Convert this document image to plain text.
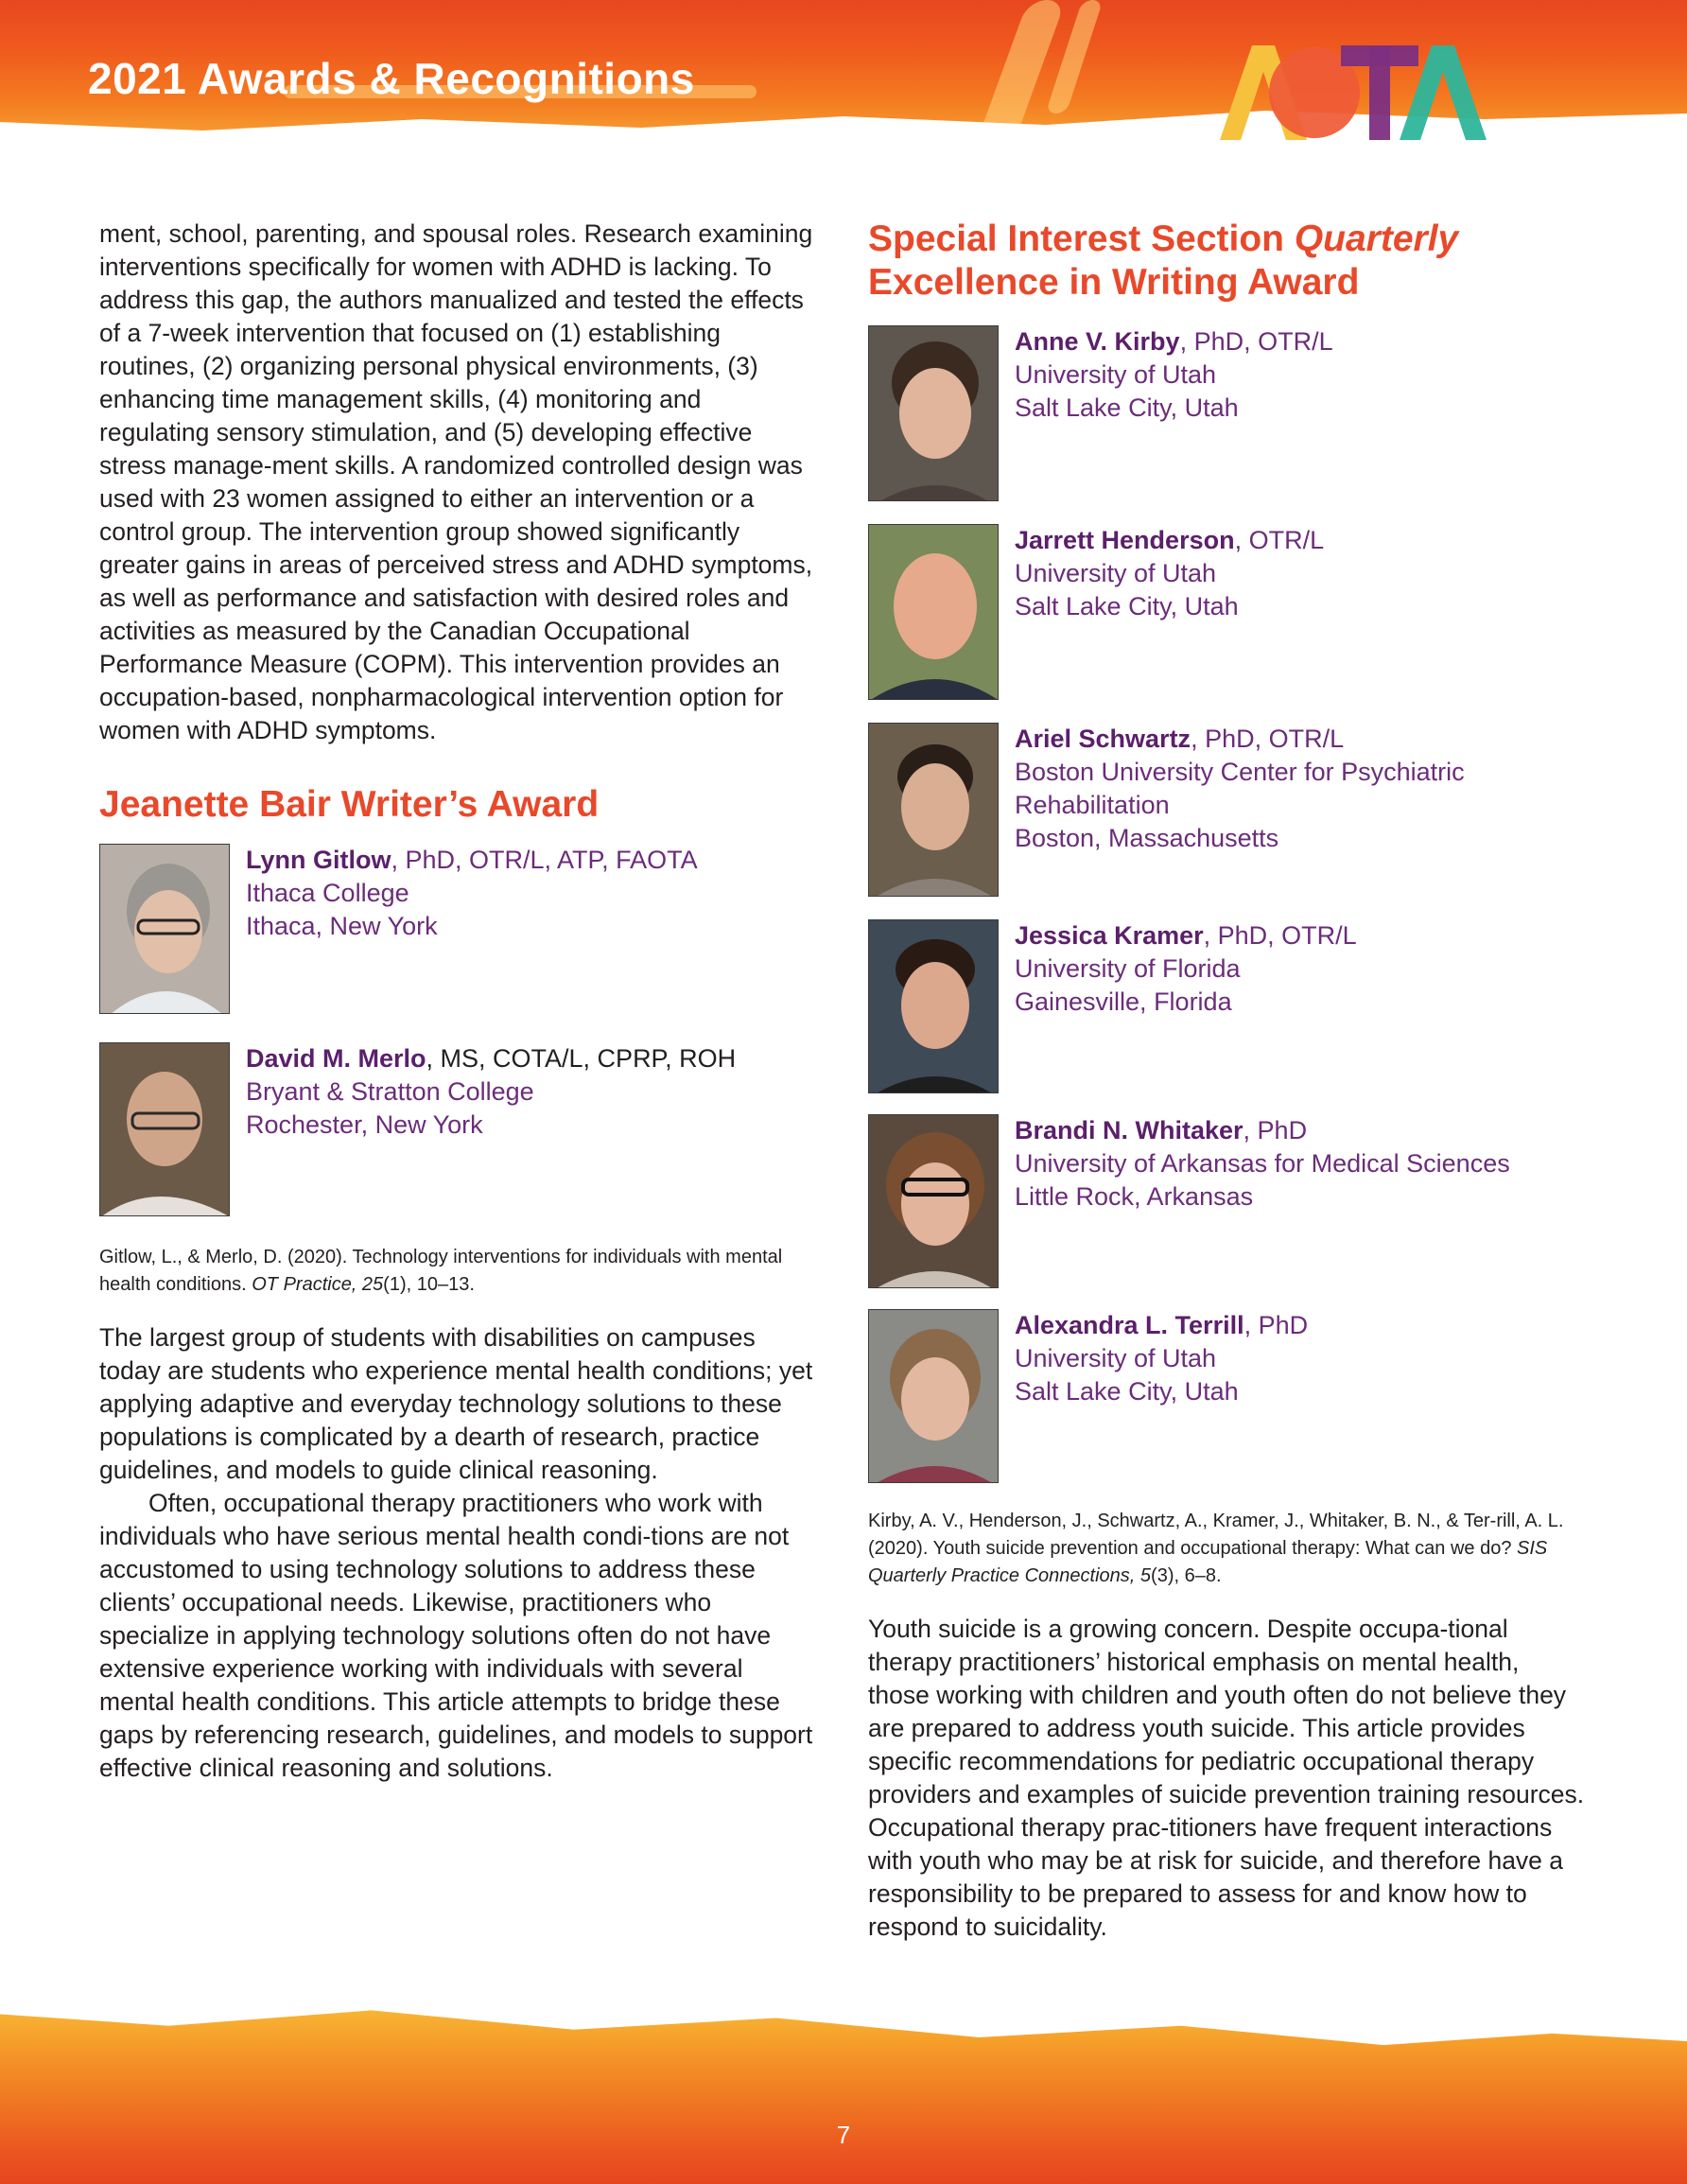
2021 Awards & Recognitions

ment, school, parenting, and spousal roles. Research examining interventions specifically for women with ADHD is lacking. To address this gap, the authors manualized and tested the effects of a 7-week intervention that focused on (1) establishing routines, (2) organizing personal physical environments, (3) enhancing time management skills, (4) monitoring and regulating sensory stimulation, and (5) developing effective stress manage-ment skills. A randomized controlled design was used with 23 women assigned to either an intervention or a control group. The intervention group showed significantly greater gains in areas of perceived stress and ADHD symptoms, as well as performance and satisfaction with desired roles and activities as measured by the Canadian Occupational Performance Measure (COPM). This intervention provides an occupation-based, nonpharmacological intervention option for women with ADHD symptoms.

Jeanette Bair Writer’s Award
Lynn Gitlow, PhD, OTR/L, ATP, FAOTA
Ithaca College
Ithaca, New York
David M. Merlo, MS, COTA/L, CPRP, ROH
Bryant & Stratton College
Rochester, New York

Gitlow, L., & Merlo, D. (2020). Technology interventions for individuals with mental health conditions. OT Practice, 25(1), 10–13.

The largest group of students with disabilities on campuses today are students who experience mental health conditions; yet applying adaptive and everyday technology solutions to these populations is complicated by a dearth of research, practice guidelines, and models to guide clinical reasoning.

Often, occupational therapy practitioners who work with individuals who have serious mental health condi-tions are not accustomed to using technology solutions to address these clients’ occupational needs. Likewise, practitioners who specialize in applying technology solutions often do not have extensive experience working with individuals with several mental health conditions. This article attempts to bridge these gaps by referencing research, guidelines, and models to support effective clinical reasoning and solutions.

Special Interest Section Quarterly Excellence in Writing Award
Anne V. Kirby, PhD, OTR/L
University of Utah
Salt Lake City, Utah
Jarrett Henderson, OTR/L
University of Utah
Salt Lake City, Utah
Ariel Schwartz, PhD, OTR/L
Boston University Center for Psychiatric Rehabilitation
Boston, Massachusetts
Jessica Kramer, PhD, OTR/L
University of Florida
Gainesville, Florida
Brandi N. Whitaker, PhD
University of Arkansas for Medical Sciences
Little Rock, Arkansas
Alexandra L. Terrill, PhD
University of Utah
Salt Lake City, Utah

Kirby, A. V., Henderson, J., Schwartz, A., Kramer, J., Whitaker, B. N., & Ter-rill, A. L. (2020). Youth suicide prevention and occupational therapy: What can we do? SIS Quarterly Practice Connections, 5(3), 6–8.

Youth suicide is a growing concern. Despite occupa-tional therapy practitioners’ historical emphasis on mental health, those working with children and youth often do not believe they are prepared to address youth suicide. This article provides specific recommendations for pediatric occupational therapy providers and examples of suicide prevention training resources. Occupational therapy prac-titioners have frequent interactions with youth who may be at risk for suicide, and therefore have a responsibility to be prepared to assess for and know how to respond to suicidality.

7
